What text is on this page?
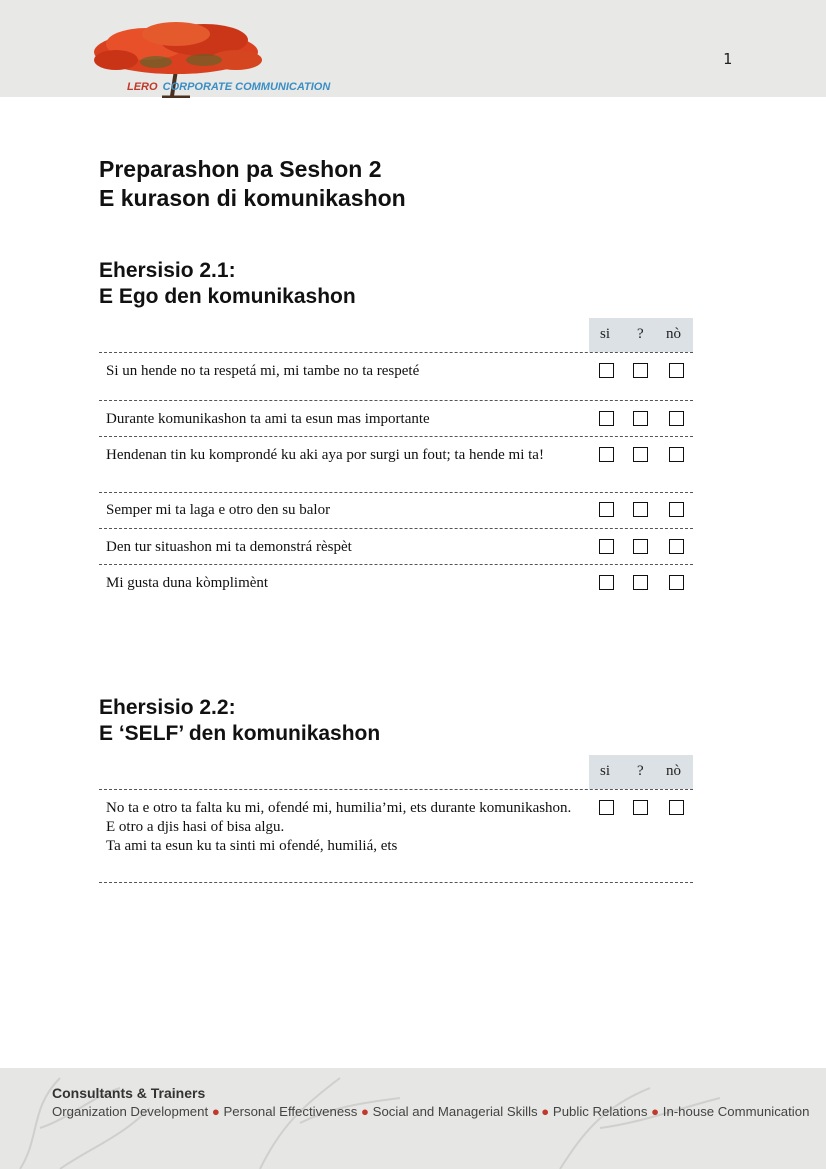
LERO CORPORATE COMMUNICATION
1
Preparashon pa Seshon 2
E kurason di komunikashon
Ehersisio 2.1:
E Ego den komunikashon
si ? nò
Si un hende no ta respetá mi, mi tambe no ta respeté
Durante komunikashon ta ami ta esun mas importante
Hendenan tin ku komprondé ku aki aya por surgi un fout; ta hende mi ta!
Semper mi ta laga e otro den su balor
Den tur situashon mi ta demonstrá rèspèt
Mi gusta duna kòmplimènt
Ehersisio 2.2:
E ‘SELF’ den komunikashon
si ? nò
No ta e otro ta falta ku mi, ofendé mi, humilia’mi, ets durante komunikashon.
E otro a djis hasi of bisa algu.
Ta ami ta esun ku ta sinti mi ofendé, humiliá, ets
Consultants & Trainers
Organization Development ● Personal Effectiveness ● Social and Managerial Skills ● Public Relations ● In-house Communication
